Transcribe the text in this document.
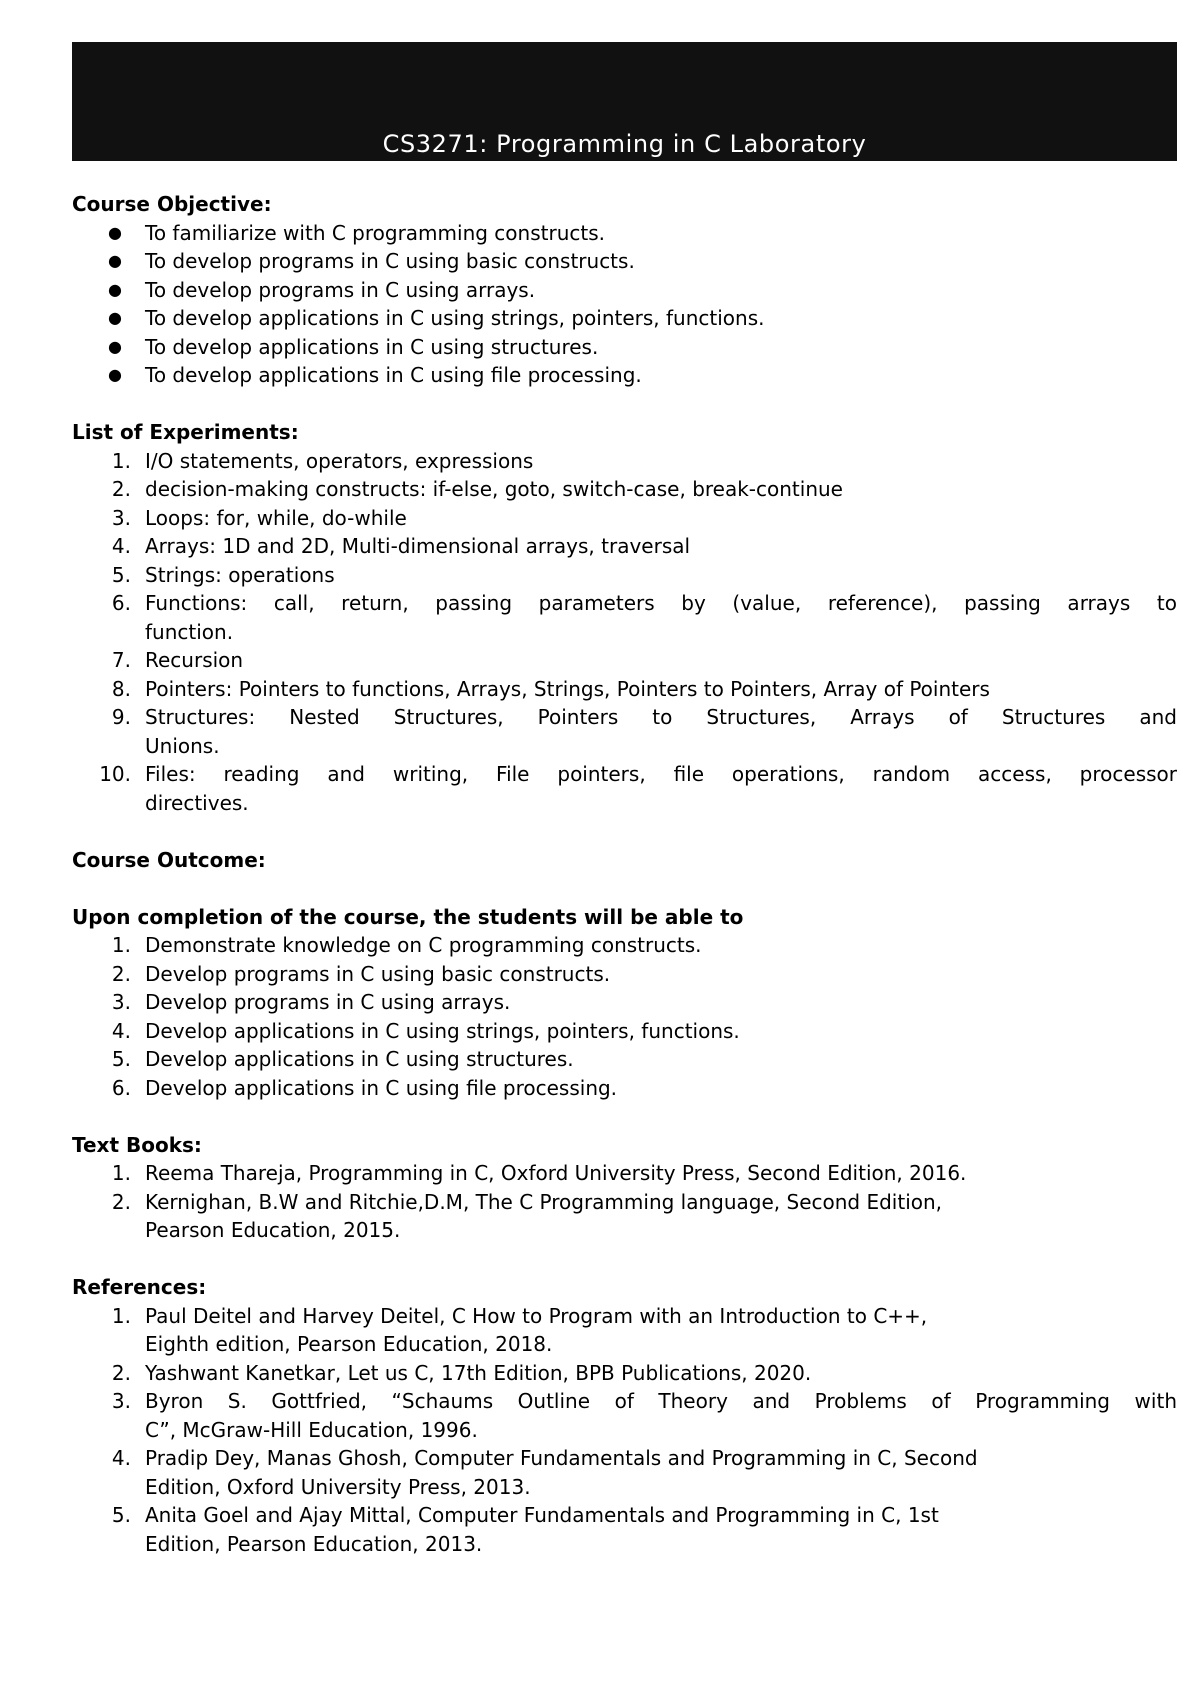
CS3271: Programming in C Laboratory
Course Objective:
● To familiarize with C programming constructs.
● To develop programs in C using basic constructs.
● To develop programs in C using arrays.
● To develop applications in C using strings, pointers, functions.
● To develop applications in C using structures.
● To develop applications in C using file processing.
List of Experiments:
1. I/O statements, operators, expressions
2. decision-making constructs: if-else, goto, switch-case, break-continue
3. Loops: for, while, do-while
4. Arrays: 1D and 2D, Multi-dimensional arrays, traversal
5. Strings: operations
6. Functions: call, return, passing parameters by (value, reference), passing arrays to
function.
7. Recursion
8. Pointers: Pointers to functions, Arrays, Strings, Pointers to Pointers, Array of Pointers
9. Structures: Nested Structures, Pointers to Structures, Arrays of Structures and
Unions.
10. Files: reading and writing, File pointers, file operations, random access, processor
directives.
Course Outcome:
Upon completion of the course, the students will be able to
1. Demonstrate knowledge on C programming constructs.
2. Develop programs in C using basic constructs.
3. Develop programs in C using arrays.
4. Develop applications in C using strings, pointers, functions.
5. Develop applications in C using structures.
6. Develop applications in C using file processing.
Text Books:
1. Reema Thareja, Programming in C, Oxford University Press, Second Edition, 2016.
2. Kernighan, B.W and Ritchie,D.M, The C Programming language, Second Edition,
Pearson Education, 2015.
References:
1. Paul Deitel and Harvey Deitel, C How to Program with an Introduction to C++,
Eighth edition, Pearson Education, 2018.
2. Yashwant Kanetkar, Let us C, 17th Edition, BPB Publications, 2020.
3. Byron S. Gottfried, “Schaums Outline of Theory and Problems of Programming with
C”, McGraw-Hill Education, 1996.
4. Pradip Dey, Manas Ghosh, Computer Fundamentals and Programming in C, Second
Edition, Oxford University Press, 2013.
5. Anita Goel and Ajay Mittal, Computer Fundamentals and Programming in C, 1st
Edition, Pearson Education, 2013.
